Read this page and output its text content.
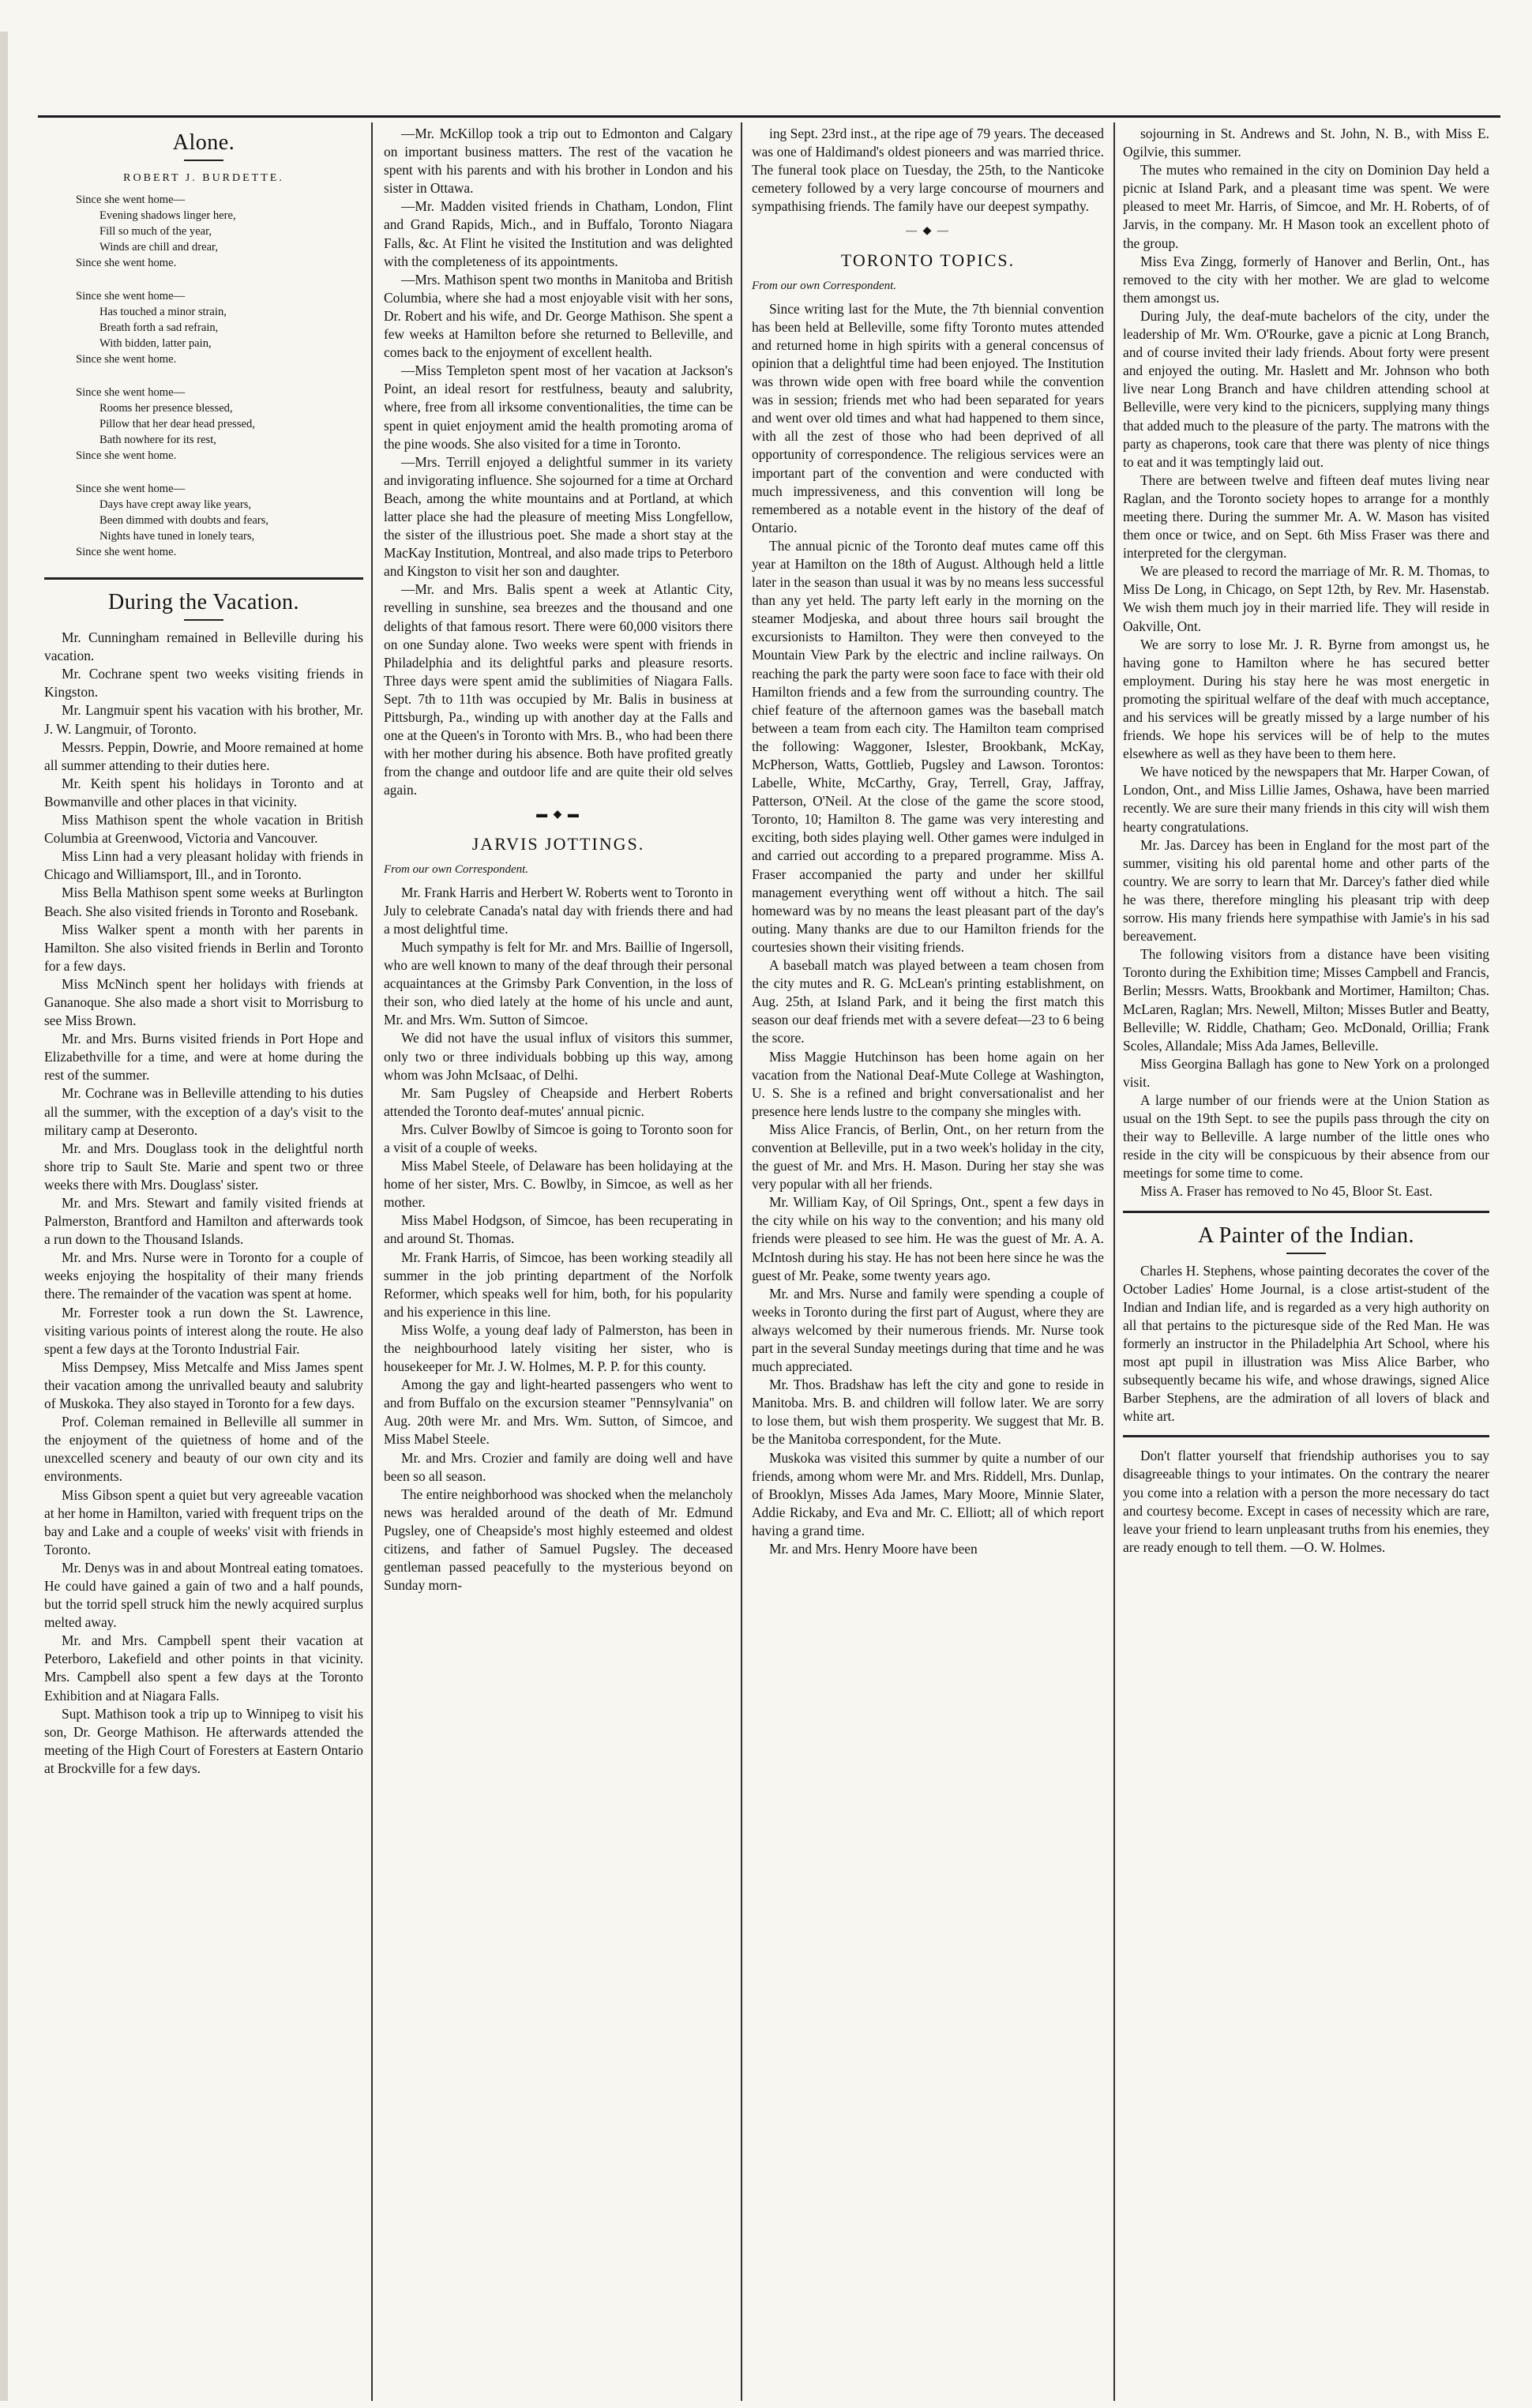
Alone.
ROBERT J. BURDETTE.
Since she went home—
Evening shadows linger here,
Fill so much of the year,
Winds are chill and drear,
Since she went home.
Since she went home—
Has touched a minor strain,
Breath forth a sad refrain,
With bidden, latter pain,
Since she went home.
Since she went home—
Rooms her presence blessed,
Pillow that her dear head pressed,
Bath nowhere for its rest,
Since she went home.
Since she went home—
Days have crept away like years,
Been dimmed with doubts and fears,
Nights have tuned in lonely tears,
Since she went home.
During the Vacation.

Mr. Cunningham remained in Belleville during his vacation.

Mr. Cochrane spent two weeks visiting friends in Kingston.

Mr. Langmuir spent his vacation with his brother, Mr. J. W. Langmuir, of Toronto.

Messrs. Peppin, Dowrie, and Moore remained at home all summer attending to their duties here.

Mr. Keith spent his holidays in Toronto and at Bowmanville and other places in that vicinity.

Miss Mathison spent the whole vacation in British Columbia at Greenwood, Victoria and Vancouver.

Miss Linn had a very pleasant holiday with friends in Chicago and Williamsport, Ill., and in Toronto.

Miss Bella Mathison spent some weeks at Burlington Beach. She also visited friends in Toronto and Rosebank.

Miss Walker spent a month with her parents in Hamilton. She also visited friends in Berlin and Toronto for a few days.

Miss McNinch spent her holidays with friends at Gananoque. She also made a short visit to Morrisburg to see Miss Brown.

Mr. and Mrs. Burns visited friends in Port Hope and Elizabethville for a time, and were at home during the rest of the summer.

Mr. Cochrane was in Belleville attending to his duties all the summer, with the exception of a day's visit to the military camp at Deseronto.

Mr. and Mrs. Douglass took in the delightful north shore trip to Sault Ste. Marie and spent two or three weeks there with Mrs. Douglass' sister.

Mr. and Mrs. Stewart and family visited friends at Palmerston, Brantford and Hamilton and afterwards took a run down to the Thousand Islands.

Mr. and Mrs. Nurse were in Toronto for a couple of weeks enjoying the hospitality of their many friends there. The remainder of the vacation was spent at home.

Mr. Forrester took a run down the St. Lawrence, visiting various points of interest along the route. He also spent a few days at the Toronto Industrial Fair.

Miss Dempsey, Miss Metcalfe and Miss James spent their vacation among the unrivalled beauty and salubrity of Muskoka. They also stayed in Toronto for a few days.

Prof. Coleman remained in Belleville all summer in the enjoyment of the quietness of home and of the unexcelled scenery and beauty of our own city and its environments.

Miss Gibson spent a quiet but very agreeable vacation at her home in Hamilton, varied with frequent trips on the bay and Lake and a couple of weeks' visit with friends in Toronto.

Mr. Denys was in and about Montreal eating tomatoes. He could have gained a gain of two and a half pounds, but the torrid spell struck him the newly acquired surplus melted away.

Mr. and Mrs. Campbell spent their vacation at Peterboro, Lakefield and other points in that vicinity. Mrs. Campbell also spent a few days at the Toronto Exhibition and at Niagara Falls.

Supt. Mathison took a trip up to Winnipeg to visit his son, Dr. George Mathison. He afterwards attended the meeting of the High Court of Foresters at Eastern Ontario at Brockville for a few days.

—Mr. McKillop took a trip out to Edmonton and Calgary on important business matters. The rest of the vacation he spent with his parents and with his brother in London and his sister in Ottawa.

—Mr. Madden visited friends in Chatham, London, Flint and Grand Rapids, Mich., and in Buffalo, Toronto Niagara Falls, &c. At Flint he visited the Institution and was delighted with the completeness of its appointments.

—Mrs. Mathison spent two months in Manitoba and British Columbia, where she had a most enjoyable visit with her sons, Dr. Robert and his wife, and Dr. George Mathison. She spent a few weeks at Hamilton before she returned to Belleville, and comes back to the enjoyment of excellent health.

—Miss Templeton spent most of her vacation at Jackson's Point, an ideal resort for restfulness, beauty and salubrity, where, free from all irksome conventionalities, the time can be spent in quiet enjoyment amid the health promoting aroma of the pine woods. She also visited for a time in Toronto.

—Mrs. Terrill enjoyed a delightful summer in its variety and invigorating influence. She sojourned for a time at Orchard Beach, among the white mountains and at Portland, at which latter place she had the pleasure of meeting Miss Longfellow, the sister of the illustrious poet. She made a short stay at the MacKay Institution, Montreal, and also made trips to Peterboro and Kingston to visit her son and daughter.

—Mr. and Mrs. Balis spent a week at Atlantic City, revelling in sunshine, sea breezes and the thousand and one delights of that famous resort. There were 60,000 visitors there on one Sunday alone. Two weeks were spent with friends in Philadelphia and its delightful parks and pleasure resorts. Three days were spent amid the sublimities of Niagara Falls. Sept. 7th to 11th was occupied by Mr. Balis in business at Pittsburgh, Pa., winding up with another day at the Falls and one at the Queen's in Toronto with Mrs. B., who had been there with her mother during his absence. Both have profited greatly from the change and outdoor life and are quite their old selves again.

▬ ◆ ▬
JARVIS JOTTINGS.
From our own Correspondent.

Mr. Frank Harris and Herbert W. Roberts went to Toronto in July to celebrate Canada's natal day with friends there and had a most delightful time.

Much sympathy is felt for Mr. and Mrs. Baillie of Ingersoll, who are well known to many of the deaf through their personal acquaintances at the Grimsby Park Convention, in the loss of their son, who died lately at the home of his uncle and aunt, Mr. and Mrs. Wm. Sutton of Simcoe.

We did not have the usual influx of visitors this summer, only two or three individuals bobbing up this way, among whom was John McIsaac, of Delhi.

Mr. Sam Pugsley of Cheapside and Herbert Roberts attended the Toronto deaf-mutes' annual picnic.

Mrs. Culver Bowlby of Simcoe is going to Toronto soon for a visit of a couple of weeks.

Miss Mabel Steele, of Delaware has been holidaying at the home of her sister, Mrs. C. Bowlby, in Simcoe, as well as her mother.

Miss Mabel Hodgson, of Simcoe, has been recuperating in and around St. Thomas.

Mr. Frank Harris, of Simcoe, has been working steadily all summer in the job printing department of the Norfolk Reformer, which speaks well for him, both, for his popularity and his experience in this line.

Miss Wolfe, a young deaf lady of Palmerston, has been in the neighbourhood lately visiting her sister, who is housekeeper for Mr. J. W. Holmes, M. P. P. for this county.

Among the gay and light-hearted passengers who went to and from Buffalo on the excursion steamer "Pennsylvania" on Aug. 20th were Mr. and Mrs. Wm. Sutton, of Simcoe, and Miss Mabel Steele.

Mr. and Mrs. Crozier and family are doing well and have been so all season.

The entire neighborhood was shocked when the melancholy news was heralded around of the death of Mr. Edmund Pugsley, one of Cheapside's most highly esteemed and oldest citizens, and father of Samuel Pugsley. The deceased gentleman passed peacefully to the mysterious beyond on Sunday morn-

ing Sept. 23rd inst., at the ripe age of 79 years. The deceased was one of Haldimand's oldest pioneers and was married thrice. The funeral took place on Tuesday, the 25th, to the Nanticoke cemetery followed by a very large concourse of mourners and sympathising friends. The family have our deepest sympathy.

— ◆ —
TORONTO TOPICS.
From our own Correspondent.

Since writing last for the Mute, the 7th biennial convention has been held at Belleville, some fifty Toronto mutes attended and returned home in high spirits with a general concensus of opinion that a delightful time had been enjoyed. The Institution was thrown wide open with free board while the convention was in session; friends met who had been separated for years and went over old times and what had happened to them since, with all the zest of those who had been deprived of all opportunity of correspondence. The religious services were an important part of the convention and were conducted with much impressiveness, and this convention will long be remembered as a notable event in the history of the deaf of Ontario.

The annual picnic of the Toronto deaf mutes came off this year at Hamilton on the 18th of August. Although held a little later in the season than usual it was by no means less successful than any yet held. The party left early in the morning on the steamer Modjeska, and about three hours sail brought the excursionists to Hamilton. They were then conveyed to the Mountain View Park by the electric and incline railways. On reaching the park the party were soon face to face with their old Hamilton friends and a few from the surrounding country. The chief feature of the afternoon games was the baseball match between a team from each city. The Hamilton team comprised the following: Waggoner, Islester, Brookbank, McKay, McPherson, Watts, Gottlieb, Pugsley and Lawson. Torontos: Labelle, White, McCarthy, Gray, Terrell, Gray, Jaffray, Patterson, O'Neil. At the close of the game the score stood, Toronto, 10; Hamilton 8. The game was very interesting and exciting, both sides playing well. Other games were indulged in and carried out according to a prepared programme. Miss A. Fraser accompanied the party and under her skillful management everything went off without a hitch. The sail homeward was by no means the least pleasant part of the day's outing. Many thanks are due to our Hamilton friends for the courtesies shown their visiting friends.

A baseball match was played between a team chosen from the city mutes and R. G. McLean's printing establishment, on Aug. 25th, at Island Park, and it being the first match this season our deaf friends met with a severe defeat—23 to 6 being the score.

Miss Maggie Hutchinson has been home again on her vacation from the National Deaf-Mute College at Washington, U. S. She is a refined and bright conversationalist and her presence here lends lustre to the company she mingles with.

Miss Alice Francis, of Berlin, Ont., on her return from the convention at Belleville, put in a two week's holiday in the city, the guest of Mr. and Mrs. H. Mason. During her stay she was very popular with all her friends.

Mr. William Kay, of Oil Springs, Ont., spent a few days in the city while on his way to the convention; and his many old friends were pleased to see him. He was the guest of Mr. A. A. McIntosh during his stay. He has not been here since he was the guest of Mr. Peake, some twenty years ago.

Mr. and Mrs. Nurse and family were spending a couple of weeks in Toronto during the first part of August, where they are always welcomed by their numerous friends. Mr. Nurse took part in the several Sunday meetings during that time and he was much appreciated.

Mr. Thos. Bradshaw has left the city and gone to reside in Manitoba. Mrs. B. and children will follow later. We are sorry to lose them, but wish them prosperity. We suggest that Mr. B. be the Manitoba correspondent, for the Mute.

Muskoka was visited this summer by quite a number of our friends, among whom were Mr. and Mrs. Riddell, Mrs. Dunlap, of Brooklyn, Misses Ada James, Mary Moore, Minnie Slater, Addie Rickaby, and Eva and Mr. C. Elliott; all of which report having a grand time.

Mr. and Mrs. Henry Moore have been

sojourning in St. Andrews and St. John, N. B., with Miss E. Ogilvie, this summer.

The mutes who remained in the city on Dominion Day held a picnic at Island Park, and a pleasant time was spent. We were pleased to meet Mr. Harris, of Simcoe, and Mr. H. Roberts, of of Jarvis, in the company. Mr. H Mason took an excellent photo of the group.

Miss Eva Zingg, formerly of Hanover and Berlin, Ont., has removed to the city with her mother. We are glad to welcome them amongst us.

During July, the deaf-mute bachelors of the city, under the leadership of Mr. Wm. O'Rourke, gave a picnic at Long Branch, and of course invited their lady friends. About forty were present and enjoyed the outing. Mr. Haslett and Mr. Johnson who both live near Long Branch and have children attending school at Belleville, were very kind to the picnicers, supplying many things that added much to the pleasure of the party. The matrons with the party as chaperons, took care that there was plenty of nice things to eat and it was temptingly laid out.

There are between twelve and fifteen deaf mutes living near Raglan, and the Toronto society hopes to arrange for a monthly meeting there. During the summer Mr. A. W. Mason has visited them once or twice, and on Sept. 6th Miss Fraser was there and interpreted for the clergyman.

We are pleased to record the marriage of Mr. R. M. Thomas, to Miss De Long, in Chicago, on Sept 12th, by Rev. Mr. Hasenstab. We wish them much joy in their married life. They will reside in Oakville, Ont.

We are sorry to lose Mr. J. R. Byrne from amongst us, he having gone to Hamilton where he has secured better employment. During his stay here he was most energetic in promoting the spiritual welfare of the deaf with much acceptance, and his services will be greatly missed by a large number of his friends. We hope his services will be of help to the mutes elsewhere as well as they have been to them here.

We have noticed by the newspapers that Mr. Harper Cowan, of London, Ont., and Miss Lillie James, Oshawa, have been married recently. We are sure their many friends in this city will wish them hearty congratulations.

Mr. Jas. Darcey has been in England for the most part of the summer, visiting his old parental home and other parts of the country. We are sorry to learn that Mr. Darcey's father died while he was there, therefore mingling his pleasant trip with deep sorrow. His many friends here sympathise with Jamie's in his sad bereavement.

The following visitors from a distance have been visiting Toronto during the Exhibition time; Misses Campbell and Francis, Berlin; Messrs. Watts, Brookbank and Mortimer, Hamilton; Chas. McLaren, Raglan; Mrs. Newell, Milton; Misses Butler and Beatty, Belleville; W. Riddle, Chatham; Geo. McDonald, Orillia; Frank Scoles, Allandale; Miss Ada James, Belleville.

Miss Georgina Ballagh has gone to New York on a prolonged visit.

A large number of our friends were at the Union Station as usual on the 19th Sept. to see the pupils pass through the city on their way to Belleville. A large number of the little ones who reside in the city will be conspicuous by their absence from our meetings for some time to come.

Miss A. Fraser has removed to No 45, Bloor St. East.

A Painter of the Indian.

Charles H. Stephens, whose painting decorates the cover of the October Ladies' Home Journal, is a close artist-student of the Indian and Indian life, and is regarded as a very high authority on all that pertains to the picturesque side of the Red Man. He was formerly an instructor in the Philadelphia Art School, where his most apt pupil in illustration was Miss Alice Barber, who subsequently became his wife, and whose drawings, signed Alice Barber Stephens, are the admiration of all lovers of black and white art.

Don't flatter yourself that friendship authorises you to say disagreeable things to your intimates. On the contrary the nearer you come into a relation with a person the more necessary do tact and courtesy become. Except in cases of necessity which are rare, leave your friend to learn unpleasant truths from his enemies, they are ready enough to tell them. —O. W. Holmes.
